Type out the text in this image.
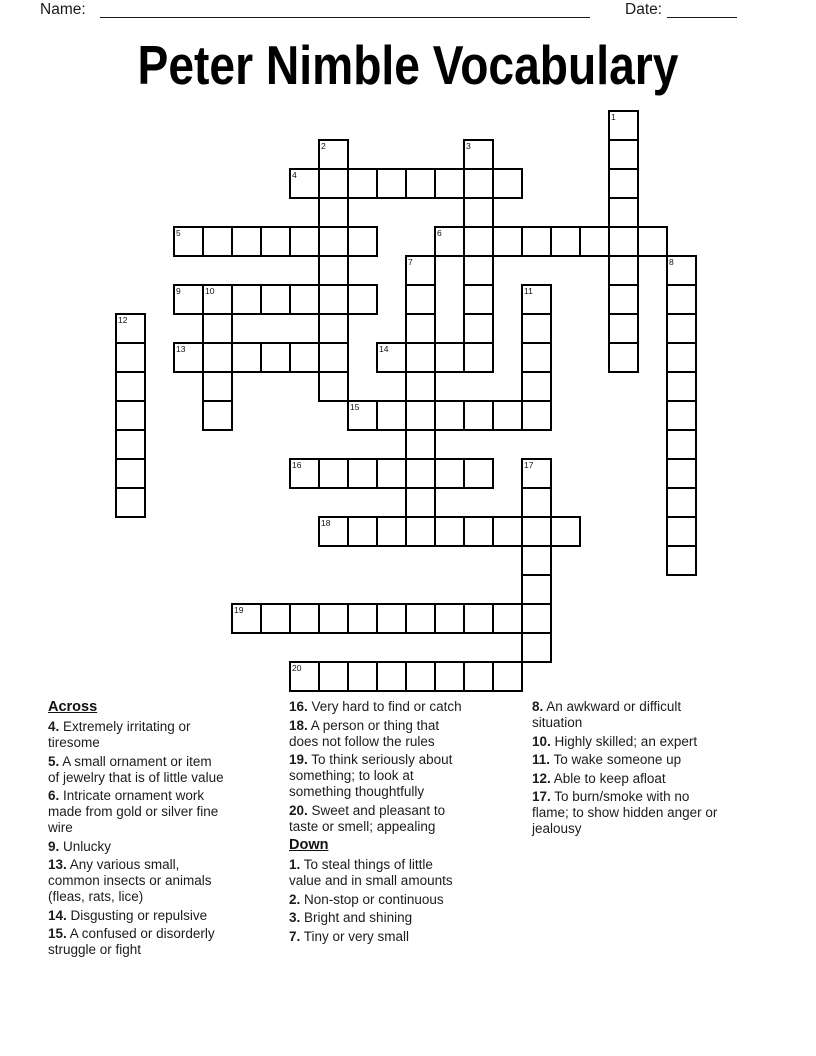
Name:	Date:
Peter Nimble Vocabulary
1
2	3
4
5	6
7	8
9	10	11
12
13	14
15
16	17
18
19
20
Across
4. Extremely irritating or
tiresome
5. A small ornament or item
of jewelry that is of little value
6. Intricate ornament work
made from gold or silver fine
wire
9. Unlucky
13. Any various small,
common insects or animals
(fleas, rats, lice)
14. Disgusting or repulsive
15. A confused or disorderly
struggle or fight
16. Very hard to find or catch
18. A person or thing that
does not follow the rules
19. To think seriously about
something; to look at
something thoughtfully
20. Sweet and pleasant to
taste or smell; appealing
Down
1. To steal things of little
value and in small amounts
2. Non-stop or continuous
3. Bright and shining
7. Tiny or very small
8. An awkward or difficult
situation
10. Highly skilled; an expert
11. To wake someone up
12. Able to keep afloat
17. To burn/smoke with no
flame; to show hidden anger or
jealousy
